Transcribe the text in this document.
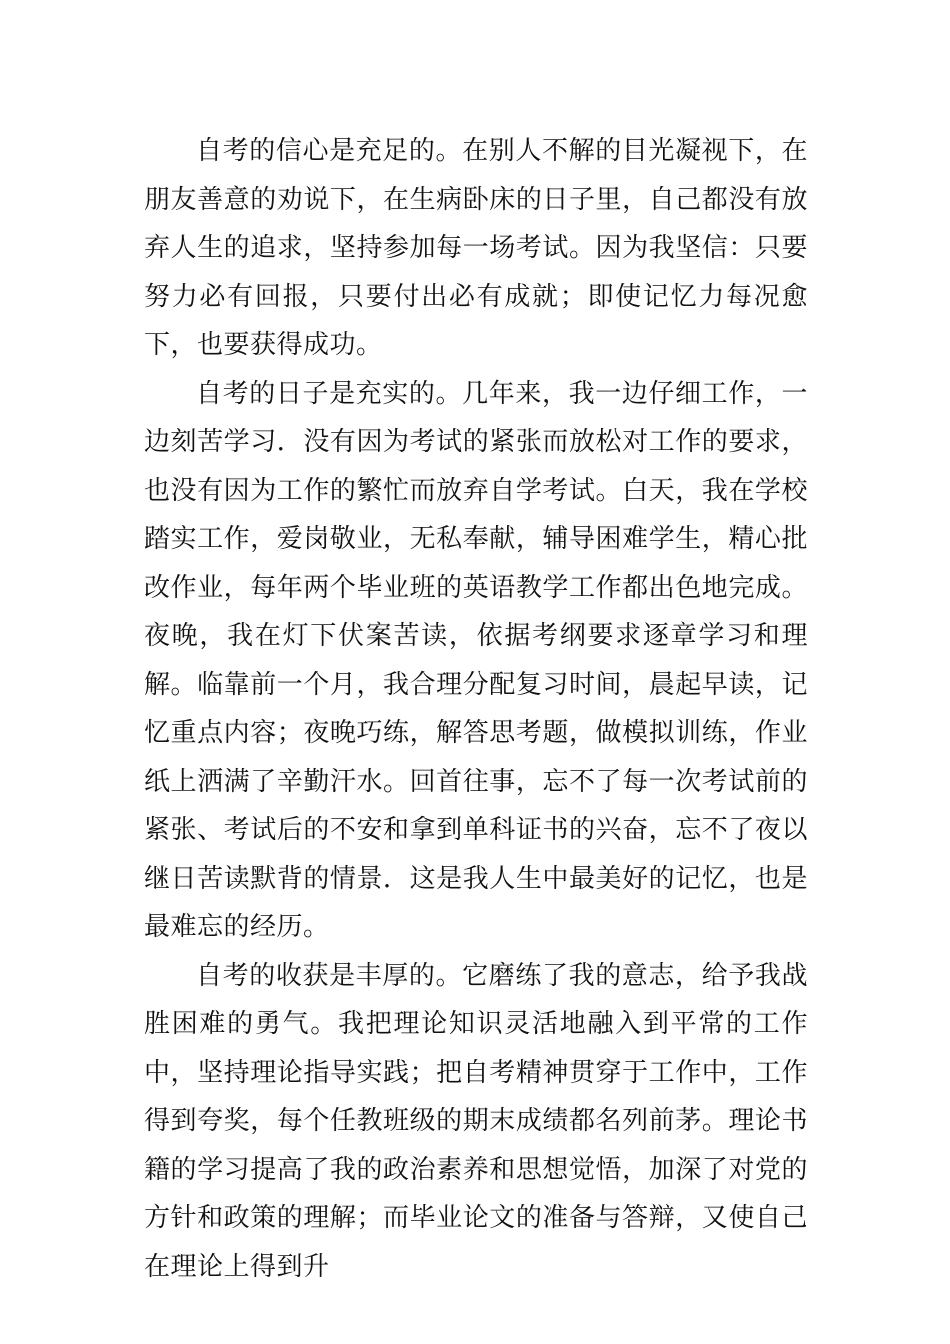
自考的信心是充足的。在别人不解的目光凝视下，在朋友善意的劝说下，在生病卧床的日子里，自己都没有放弃人生的追求，坚持参加每一场考试。因为我坚信：只要努力必有回报，只要付出必有成就；即使记忆力每况愈下，也要获得成功。

自考的日子是充实的。几年来，我一边仔细工作，一边刻苦学习．没有因为考试的紧张而放松对工作的要求，也没有因为工作的繁忙而放弃自学考试。白天，我在学校踏实工作，爱岗敬业，无私奉献，辅导困难学生，精心批改作业，每年两个毕业班的英语教学工作都出色地完成。夜晚，我在灯下伏案苦读，依据考纲要求逐章学习和理解。临靠前一个月，我合理分配复习时间，晨起早读，记忆重点内容；夜晚巧练，解答思考题，做模拟训练，作业纸上洒满了辛勤汗水。回首往事，忘不了每一次考试前的紧张、考试后的不安和拿到单科证书的兴奋，忘不了夜以继日苦读默背的情景．这是我人生中最美好的记忆，也是最难忘的经历。

自考的收获是丰厚的。它磨练了我的意志，给予我战胜困难的勇气。我把理论知识灵活地融入到平常的工作中，坚持理论指导实践；把自考精神贯穿于工作中，工作得到夸奖，每个任教班级的期末成绩都名列前茅。理论书籍的学习提高了我的政治素养和思想觉悟，加深了对党的方针和政策的理解；而毕业论文的准备与答辩，又使自己在理论上得到升
